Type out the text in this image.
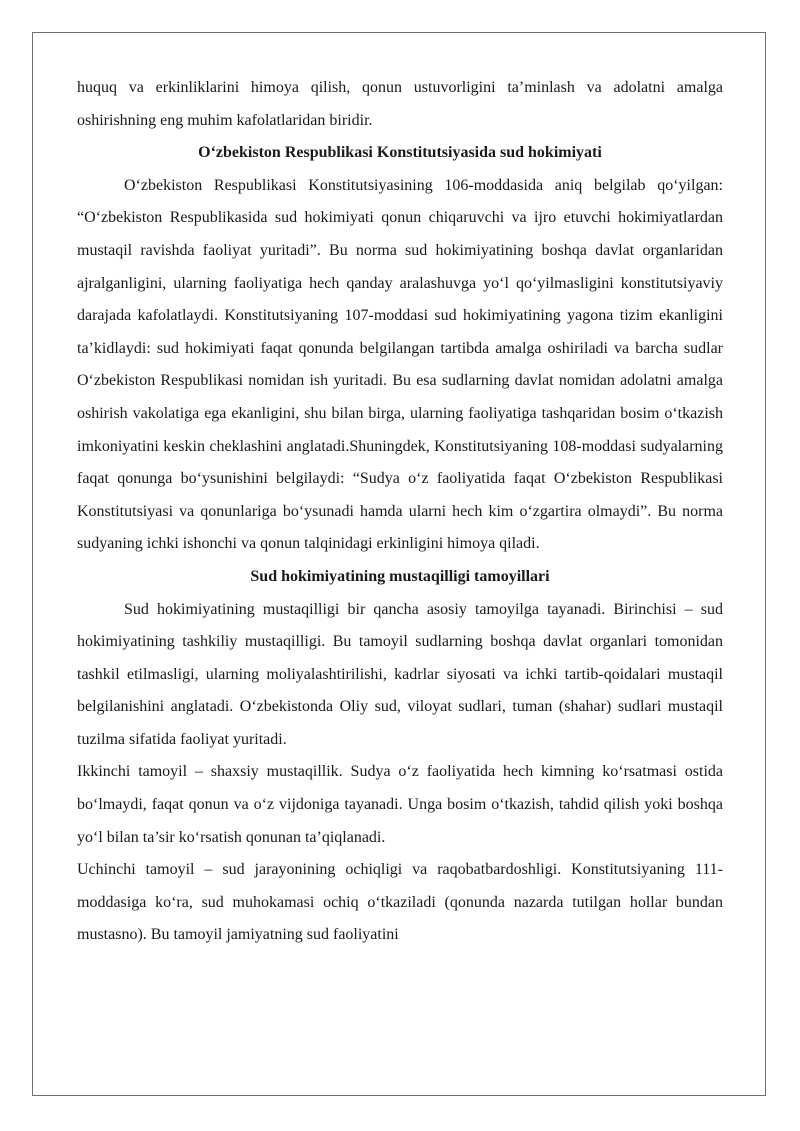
huquq va erkinliklarini himoya qilish, qonun ustuvorligini ta’minlash va adolatni amalga oshirishning eng muhim kafolatlaridan biridir.

O‘zbekiston Respublikasi Konstitutsiyasida sud hokimiyati

O‘zbekiston Respublikasi Konstitutsiyasining 106-moddasida aniq belgilab qo‘yilgan: “O‘zbekiston Respublikasida sud hokimiyati qonun chiqaruvchi va ijro etuvchi hokimiyatlardan mustaqil ravishda faoliyat yuritadi”. Bu norma sud hokimiyatining boshqa davlat organlaridan ajralganligini, ularning faoliyatiga hech qanday aralashuvga yo‘l qo‘yilmasligini konstitutsiyaviy darajada kafolatlaydi. Konstitutsiyaning 107-moddasi sud hokimiyatining yagona tizim ekanligini ta’kidlaydi: sud hokimiyati faqat qonunda belgilangan tartibda amalga oshiriladi va barcha sudlar O‘zbekiston Respublikasi nomidan ish yuritadi. Bu esa sudlarning davlat nomidan adolatni amalga oshirish vakolatiga ega ekanligini, shu bilan birga, ularning faoliyatiga tashqaridan bosim o‘tkazish imkoniyatini keskin cheklashini anglatadi.Shuningdek, Konstitutsiyaning 108-moddasi sudyalarning faqat qonunga bo‘ysunishini belgilaydi: “Sudya o‘z faoliyatida faqat O‘zbekiston Respublikasi Konstitutsiyasi va qonunlariga bo‘ysunadi hamda ularni hech kim o‘zgartira olmaydi”. Bu norma sudyaning ichki ishonchi va qonun talqinidagi erkinligini himoya qiladi.

Sud hokimiyatining mustaqilligi tamoyillari

Sud hokimiyatining mustaqilligi bir qancha asosiy tamoyilga tayanadi. Birinchisi – sud hokimiyatining tashkiliy mustaqilligi. Bu tamoyil sudlarning boshqa davlat organlari tomonidan tashkil etilmasligi, ularning moliyalashtirilishi, kadrlar siyosati va ichki tartib-qoidalari mustaqil belgilanishini anglatadi. O‘zbekistonda Oliy sud, viloyat sudlari, tuman (shahar) sudlari mustaqil tuzilma sifatida faoliyat yuritadi.

Ikkinchi tamoyil – shaxsiy mustaqillik. Sudya o‘z faoliyatida hech kimning ko‘rsatmasi ostida bo‘lmaydi, faqat qonun va o‘z vijdoniga tayanadi. Unga bosim o‘tkazish, tahdid qilish yoki boshqa yo‘l bilan ta’sir ko‘rsatish qonunan ta’qiqlanadi.

Uchinchi tamoyil – sud jarayonining ochiqligi va raqobatbardoshligi. Konstitutsiyaning 111-moddasiga ko‘ra, sud muhokamasi ochiq o‘tkaziladi (qonunda nazarda tutilgan hollar bundan mustasno). Bu tamoyil jamiyatning sud faoliyatini
